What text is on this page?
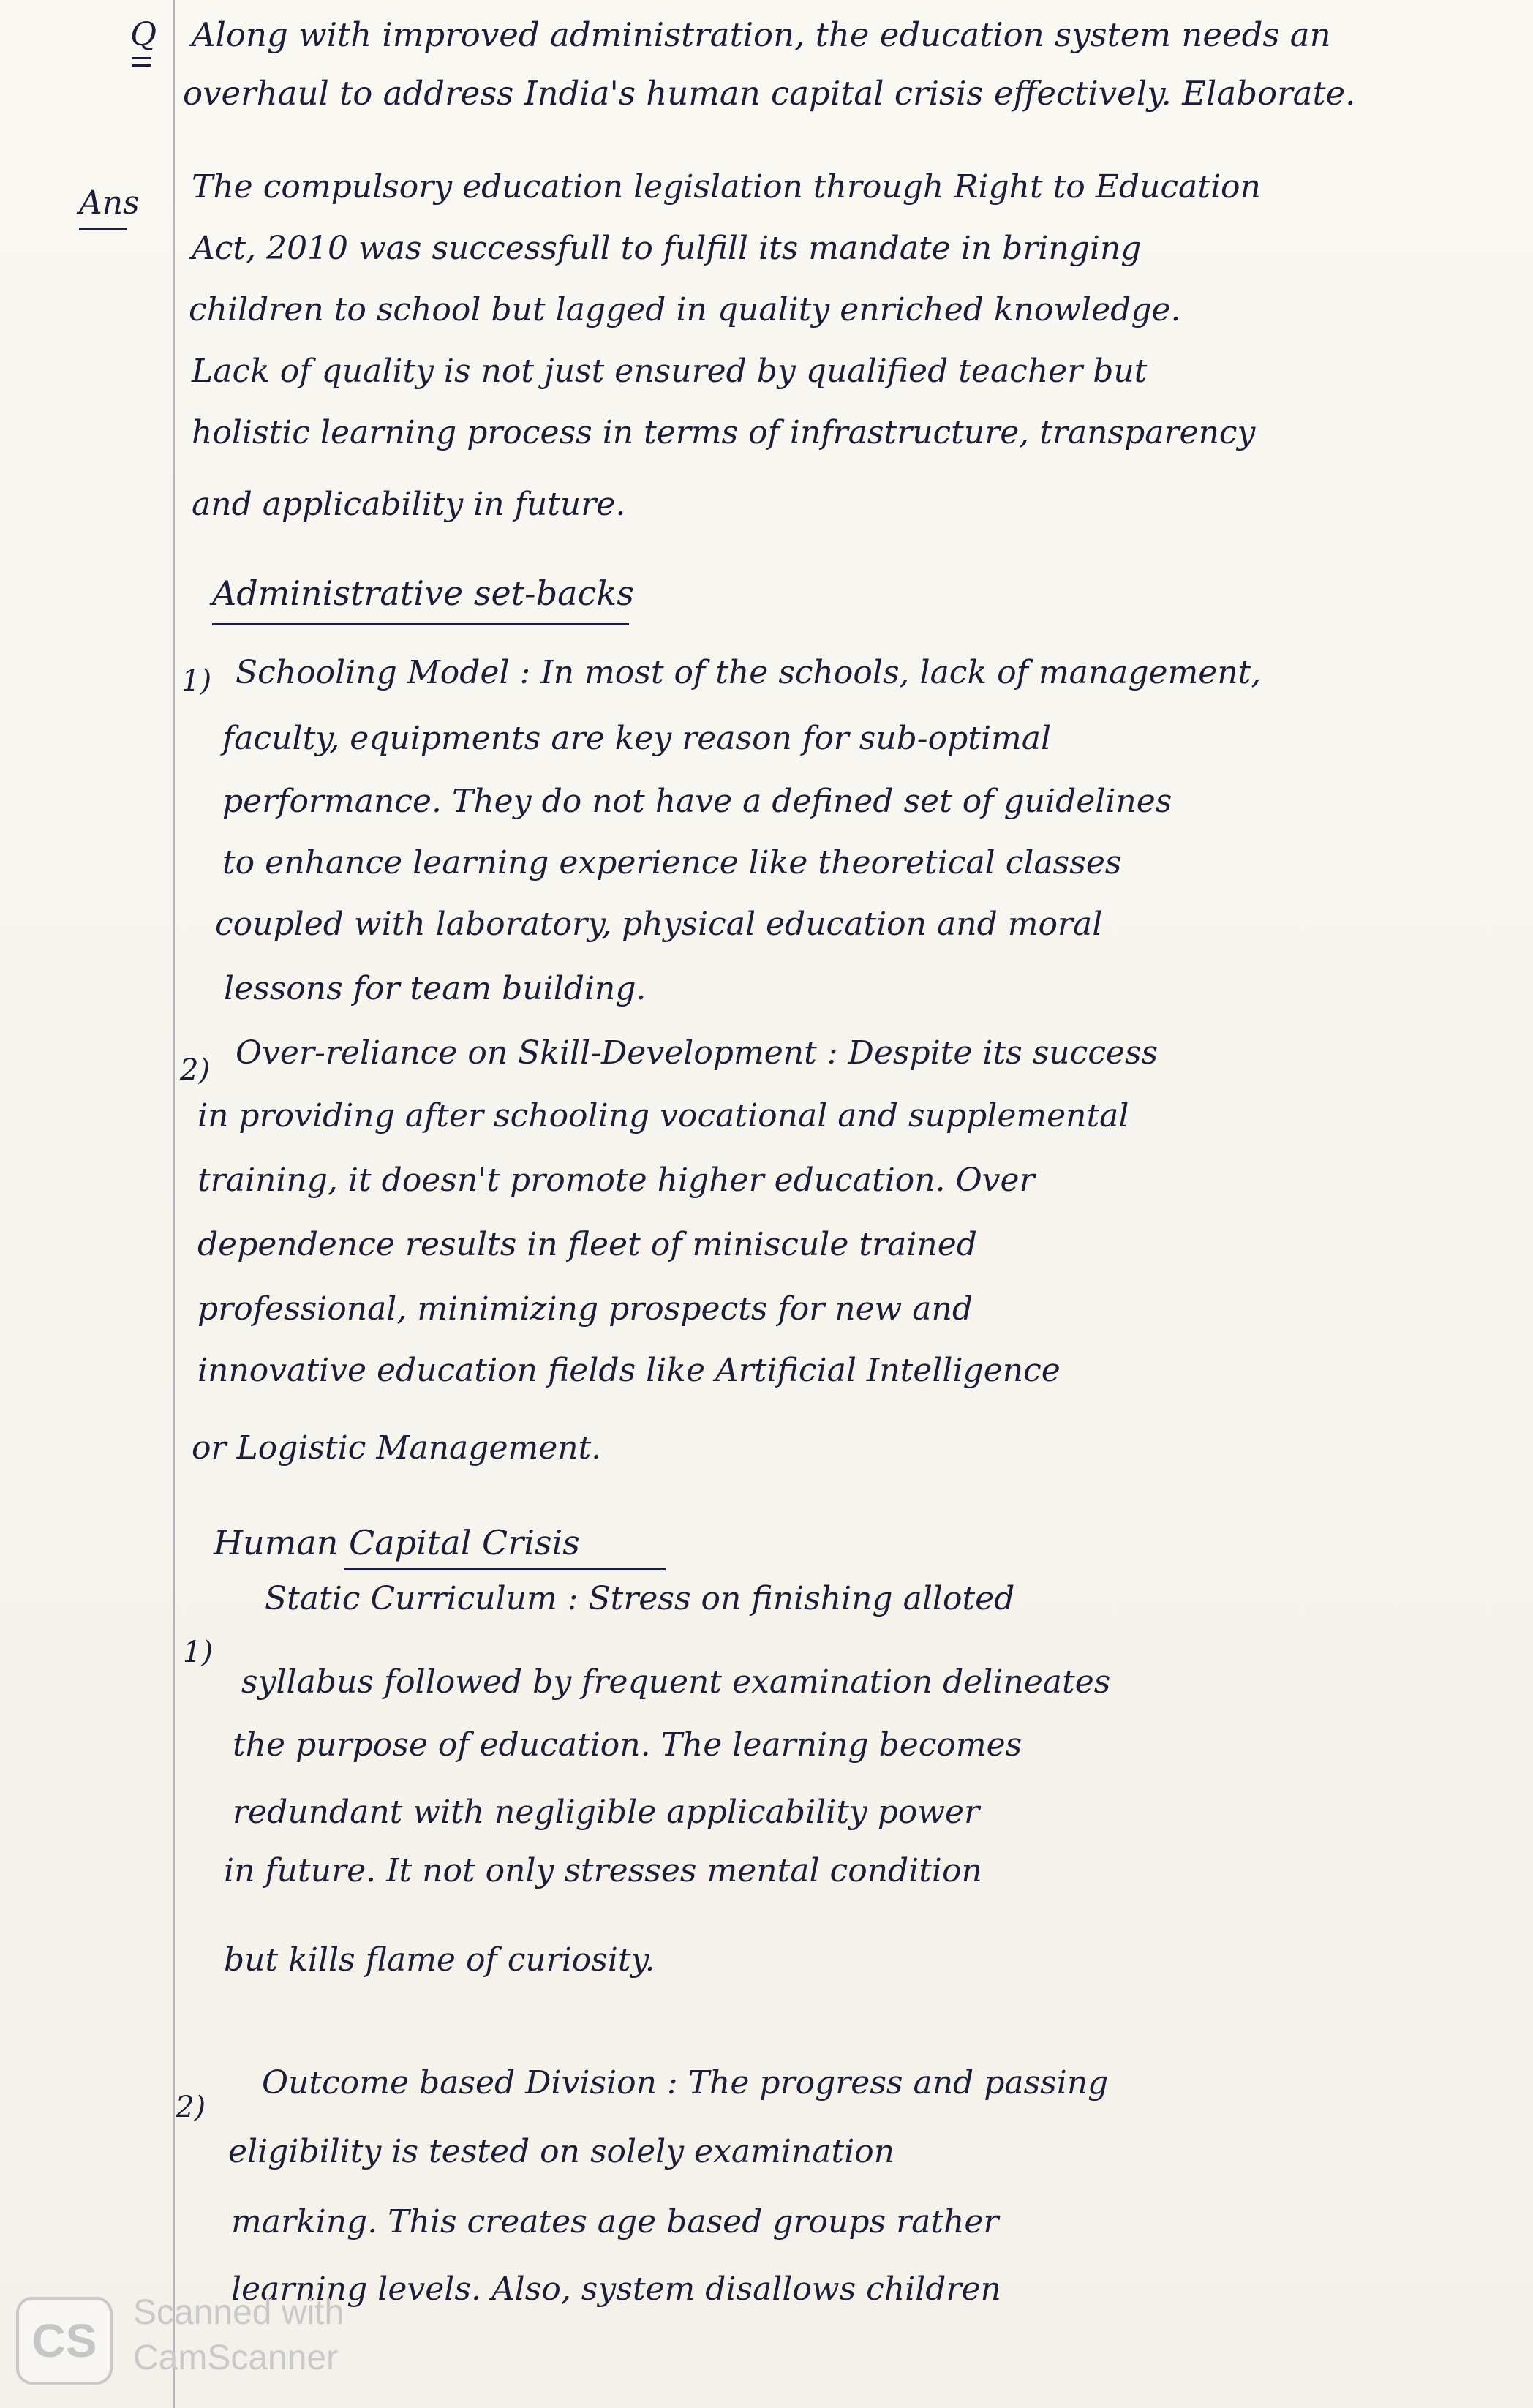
Q Along with improved administration, the education system needs an
overhaul to address India's human capital crisis effectively. Elaborate.
Ans The compulsory education legislation through Right to Education
Act, 2010 was successfull to fulfill its mandate in bringing
children to school but lagged in quality enriched knowledge.
Lack of quality is not just ensured by qualified teacher but
holistic learning process in terms of infrastructure, transparency
and applicability in future.
Administrative set-backs
1) Schooling Model : In most of the schools, lack of management,
faculty, equipments are key reason for sub-optimal
performance. They do not have a defined set of guidelines
to enhance learning experience like theoretical classes
coupled with laboratory, physical education and moral
lessons for team building.
2) Over-reliance on Skill-Development : Despite its success
in providing after schooling vocational and supplemental
training, it doesn't promote higher education. Over
dependence results in fleet of miniscule trained
professional, minimizing prospects for new and
innovative education fields like Artificial Intelligence
or Logistic Management.
Human Capital Crisis
1)
Static Curriculum : Stress on finishing alloted
syllabus followed by frequent examination delineates
the purpose of education. The learning becomes
redundant with negligible applicability power
in future. It not only stresses mental condition
but kills flame of curiosity.
2)
Outcome based Division : The progress and passing
eligibility is tested on solely examination
marking. This creates age based groups rather
learning levels. Also, system disallows children
CS
Scanned with
CamScanner
